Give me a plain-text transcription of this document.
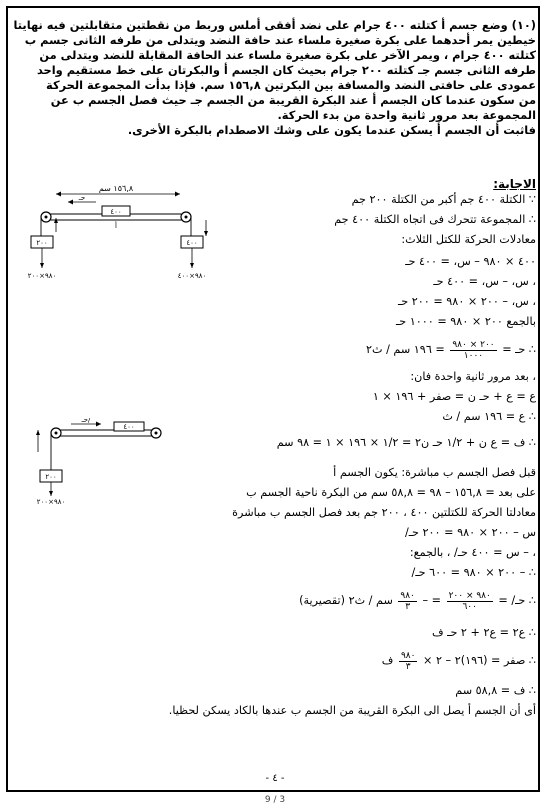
(١٠) وضع جسم أ كتلته ٤٠٠ جرام على نضد أفقى أملس وربط من نقطتين متقابلتين فيه نهايتا
خيطين يمر أحدهما على بكرة صغيرة ملساء عند حافة النضد ويتدلى من طرفه الثانى جسم ب
كتلته ٤٠٠ جرام ، ويمر الآخر على بكرة صغيرة ملساء عند الحافة المقابلة للنضد ويتدلى من
طرفه الثانى جسم جـ كتلته ٢٠٠ جرام بحيث كان الجسم أ والبكرتان على خط مستقيم واحد
عمودى على حافتى النضد والمسافة بين البكرتين ١٥٦,٨ سم. فإذا بدأت المجموعة الحركة
من سكون عندما كان الجسم أ عند البكرة القريبة من الجسم جـ حيث فصل الجسم ب عن
المجموعة بعد مرور ثانية واحدة من بدء الحركة.
فاثبت أن الجسم أ يسكن عندما يكون على وشك الاصطدام بالبكرة الأخرى.
الاجابة:
١٥٦,٨ سم
حـ
٤٠٠
أ
٢٠٠	٤٠٠
٩٨٠×٢٠٠	٩٨٠×٤٠٠
∵ الكتلة ٤٠٠ جم أكبر من الكتلة ٢٠٠ جم
∴ المجموعة تتحرك فى اتجاه الكتلة ٤٠٠ جم
معادلات الحركة للكتل الثلاث:
٤٠٠ × ٩٨٠ – س، = ٤٠٠ حـ
، س، – س، = ٤٠٠ حـ
، س، – ٢٠٠ × ٩٨٠ = ٢٠٠ حـ
بالجمع ٢٠٠ × ٩٨٠ = ١٠٠٠ حـ
∴ حـ =
$\frac{٢٠٠ \times ٩٨٠}{١٠٠٠}$
= ١٩٦ سم / ث٢
، بعد مرور ثانية واحدة فان:
ع = ع + حـ ن = صفر + ١٩٦ × ١
∴ ع = ١٩٦ سم / ث
حـ/
٤٠٠
٢٠٠
٩٨٠×٢٠٠
∴ ف = ع ن + ١/٢ حـ ن٢ = ١/٢ × ١٩٦ × ١ = ٩٨ سم
قبل فصل الجسم ب مباشرة: يكون الجسم أ
على بعد = ١٥٦,٨ – ٩٨ = ٥٨,٨ سم من البكرة ناحية الجسم ب
معادلتا الحركة للكتلتين ٤٠٠ ، ٢٠٠ جم بعد فصل الجسم ب مباشرة
س – ٢٠٠ × ٩٨٠ = ٢٠٠ حـ/
، – س = ٤٠٠ حـ/ ، بالجمع:
∴ – ٢٠٠ × ٩٨٠ = ٦٠٠ حـ/
∴ حـ/ =
$\frac{٩٨٠ \times ٢٠٠}{٦٠٠}$
= –
$\frac{٩٨٠}{٣}$
سم / ث٢ (تقصيرية)
∴ ع٢ = ع٢ + ٢ حـ ف
∴ صفر = (١٩٦)٢ – ٢ ×
$\frac{٩٨٠}{٣}$
ف
∴ ف = ٥٨,٨ سم
أى أن الجسم أ يصل الى البكرة القريبة من الجسم ب عندها بالكاد يسكن لحظيا.
- ٤ -
9 / 3
